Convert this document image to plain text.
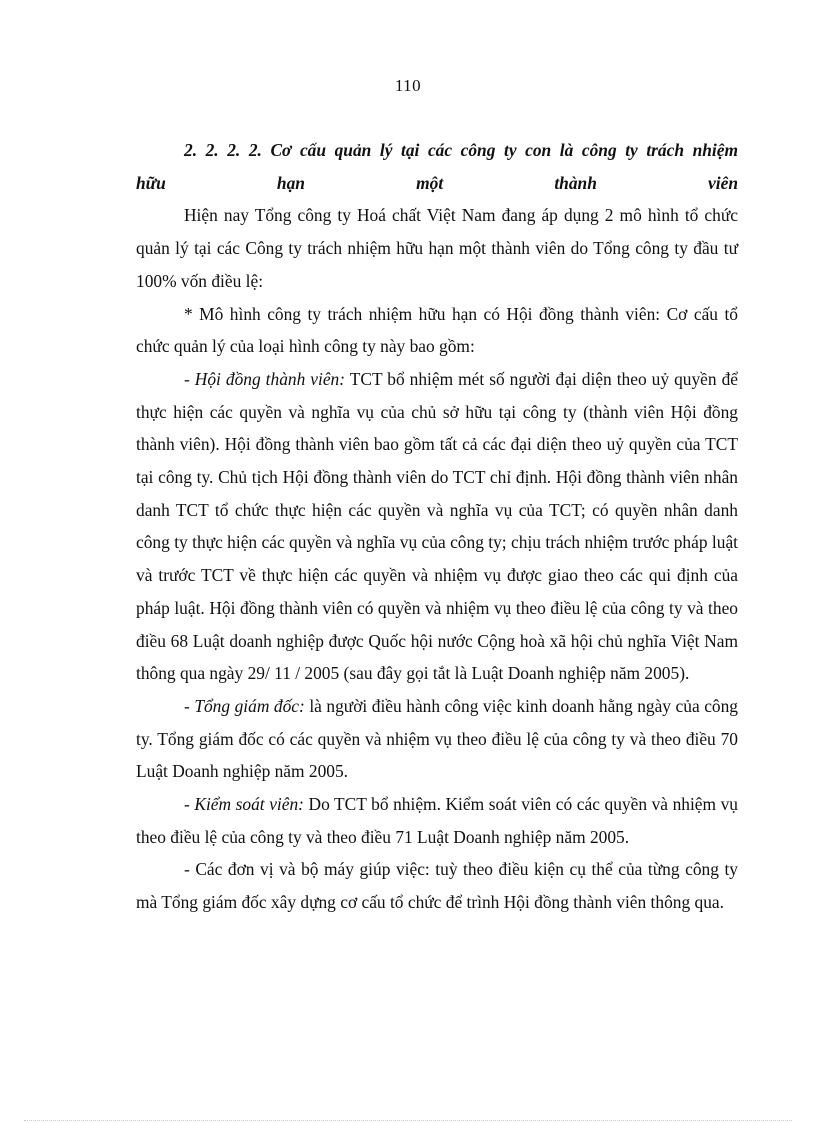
110
2. 2. 2. 2. Cơ cấu quản lý tại các công ty con là công ty trách nhiệm
hữu hạn một thành viên

Hiện nay Tổng công ty Hoá chất Việt Nam đang áp dụng 2 mô hình tổ chức quản lý tại các Công ty trách nhiệm hữu hạn một thành viên do Tổng công ty đầu tư 100% vốn điều lệ:

* Mô hình công ty trách nhiệm hữu hạn có Hội đồng thành viên: Cơ cấu tổ chức quản lý của loại hình công ty này bao gồm:

- Hội đồng thành viên: TCT bổ nhiệm mét số người đại diện theo uỷ quyền để thực hiện các quyền và nghĩa vụ của chủ sở hữu tại công ty (thành viên Hội đồng thành viên). Hội đồng thành viên bao gồm tất cả các đại diện theo uỷ quyền của TCT tại công ty. Chủ tịch Hội đồng thành viên do TCT chỉ định. Hội đồng thành viên nhân danh TCT tổ chức thực hiện các quyền và nghĩa vụ của TCT; có quyền nhân danh công ty thực hiện các quyền và nghĩa vụ của công ty; chịu trách nhiệm trước pháp luật và trước TCT về thực hiện các quyền và nhiệm vụ được giao theo các qui định của pháp luật. Hội đồng thành viên có quyền và nhiệm vụ theo điều lệ của công ty và theo điều 68 Luật doanh nghiệp được Quốc hội nước Cộng hoà xã hội chủ nghĩa Việt Nam thông qua ngày 29/ 11 / 2005 (sau đây gọi tắt là Luật Doanh nghiệp năm 2005).

- Tổng giám đốc: là người điều hành công việc kinh doanh hằng ngày của công ty. Tổng giám đốc có các quyền và nhiệm vụ theo điều lệ của công ty và theo điều 70 Luật Doanh nghiệp năm 2005.

- Kiểm soát viên: Do TCT bổ nhiệm. Kiểm soát viên có các quyền và nhiệm vụ theo điều lệ của công ty và theo điều 71 Luật Doanh nghiệp năm 2005.

- Các đơn vị và bộ máy giúp việc: tuỳ theo điều kiện cụ thể của từng công ty mà Tổng giám đốc xây dựng cơ cấu tổ chức để trình Hội đồng thành viên thông qua.
